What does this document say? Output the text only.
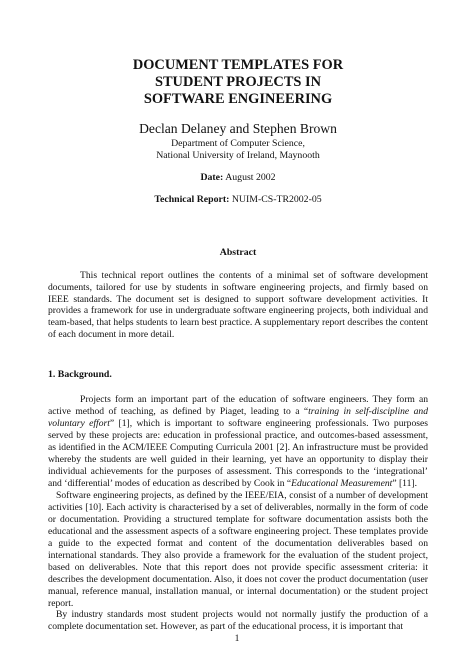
DOCUMENT TEMPLATES FOR
STUDENT PROJECTS IN
SOFTWARE ENGINEERING
Declan Delaney and Stephen Brown
Department of Computer Science,
National University of Ireland, Maynooth
Date: August 2002
Technical Report: NUIM-CS-TR2002-05
Abstract

This technical report outlines the contents of a minimal set of software development documents, tailored for use by students in software engineering projects, and firmly based on IEEE standards. The document set is designed to support software development activities. It provides a framework for use in undergraduate software engineering projects, both individual and team-based, that helps students to learn best practice. A supplementary report describes the content of each document in more detail.

1. Background.

Projects form an important part of the education of software engineers. They form an active method of teaching, as defined by Piaget, leading to a “training in self-discipline and voluntary effort” [1], which is important to software engineering professionals. Two purposes served by these projects are: education in professional practice, and outcomes-based assessment, as identified in the ACM/IEEE Computing Curricula 2001 [2]. An infrastructure must be provided whereby the students are well guided in their learning, yet have an opportunity to display their individual achievements for the purposes of assessment. This corresponds to the ‘integrational’ and ‘differential’ modes of education as described by Cook in “Educational Measurement” [11].

Software engineering projects, as defined by the IEEE/EIA, consist of a number of development activities [10]. Each activity is characterised by a set of deliverables, normally in the form of code or documentation. Providing a structured template for software documentation assists both the educational and the assessment aspects of a software engineering project. These templates provide a guide to the expected format and content of the documentation deliverables based on international standards. They also provide a framework for the evaluation of the student project, based on deliverables. Note that this report does not provide specific assessment criteria: it describes the development documentation. Also, it does not cover the product documentation (user manual, reference manual, installation manual, or internal documentation) or the student project report.

By industry standards most student projects would not normally justify the production of a complete documentation set. However, as part of the educational process, it is important that

1
